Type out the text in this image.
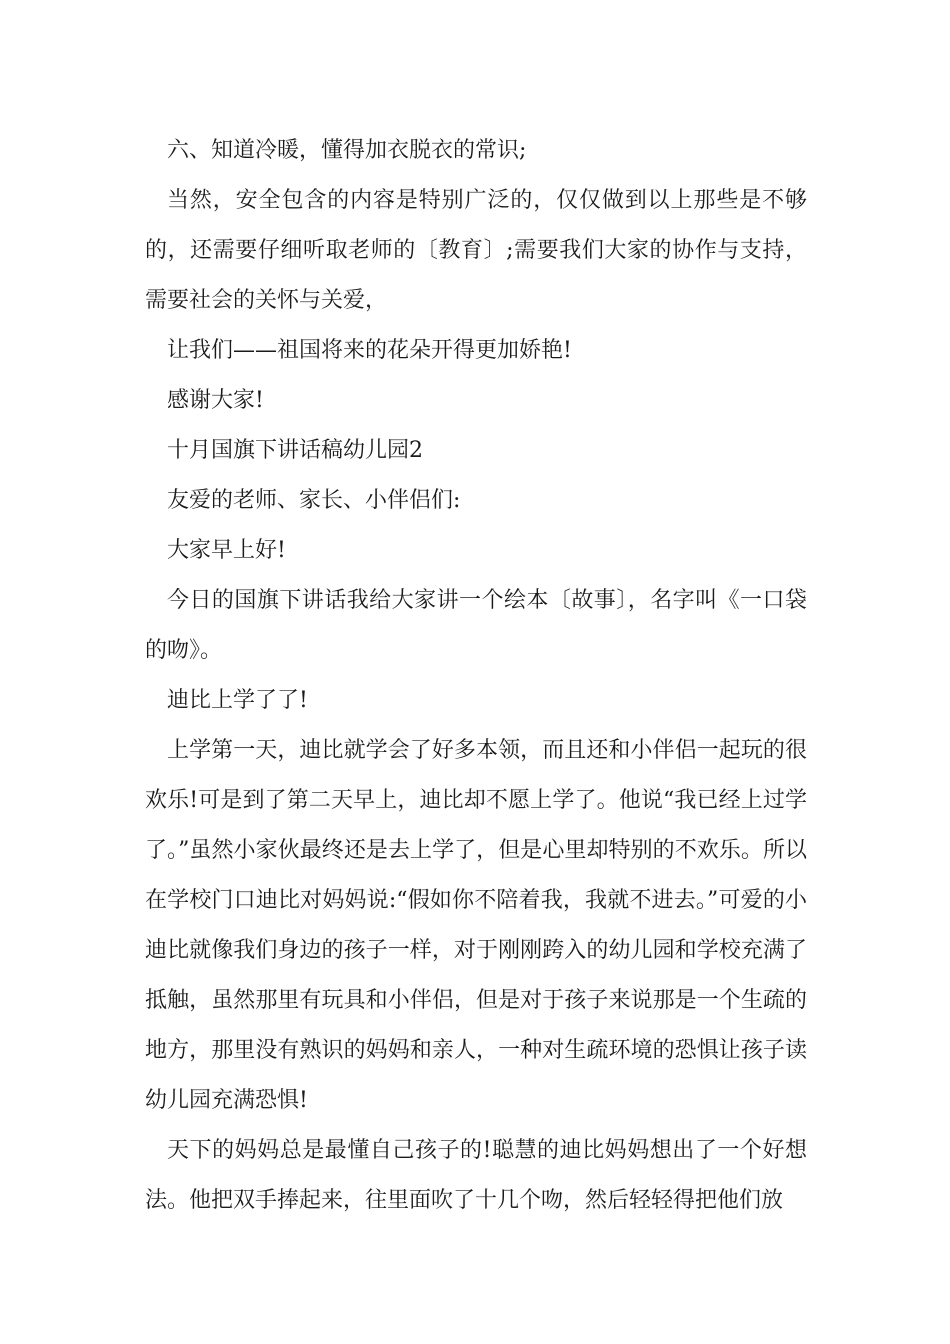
六、知道冷暖，懂得加衣脱衣的常识;

当然，安全包含的内容是特别广泛的，仅仅做到以上那些是不够的，还需要仔细听取老师的〔教育〕;需要我们大家的协作与支持，需要社会的关怀与关爱，

让我们——祖国将来的花朵开得更加娇艳!

感谢大家!

十月国旗下讲话稿幼儿园2

友爱的老师、家长、小伴侣们:

大家早上好!

今日的国旗下讲话我给大家讲一个绘本〔故事〕，名字叫《一口袋的吻》。

迪比上学了了!

上学第一天，迪比就学会了好多本领，而且还和小伴侣一起玩的很欢乐!可是到了第二天早上，迪比却不愿上学了。他说“我已经上过学了。”虽然小家伙最终还是去上学了，但是心里却特别的不欢乐。所以在学校门口迪比对妈妈说:“假如你不陪着我，我就不进去。”可爱的小迪比就像我们身边的孩子一样，对于刚刚跨入的幼儿园和学校充满了抵触，虽然那里有玩具和小伴侣，但是对于孩子来说那是一个生疏的地方，那里没有熟识的妈妈和亲人，一种对生疏环境的恐惧让孩子读幼儿园充满恐惧!

天下的妈妈总是最懂自己孩子的!聪慧的迪比妈妈想出了一个好想法。他把双手捧起来，往里面吹了十几个吻，然后轻轻得把他们放
